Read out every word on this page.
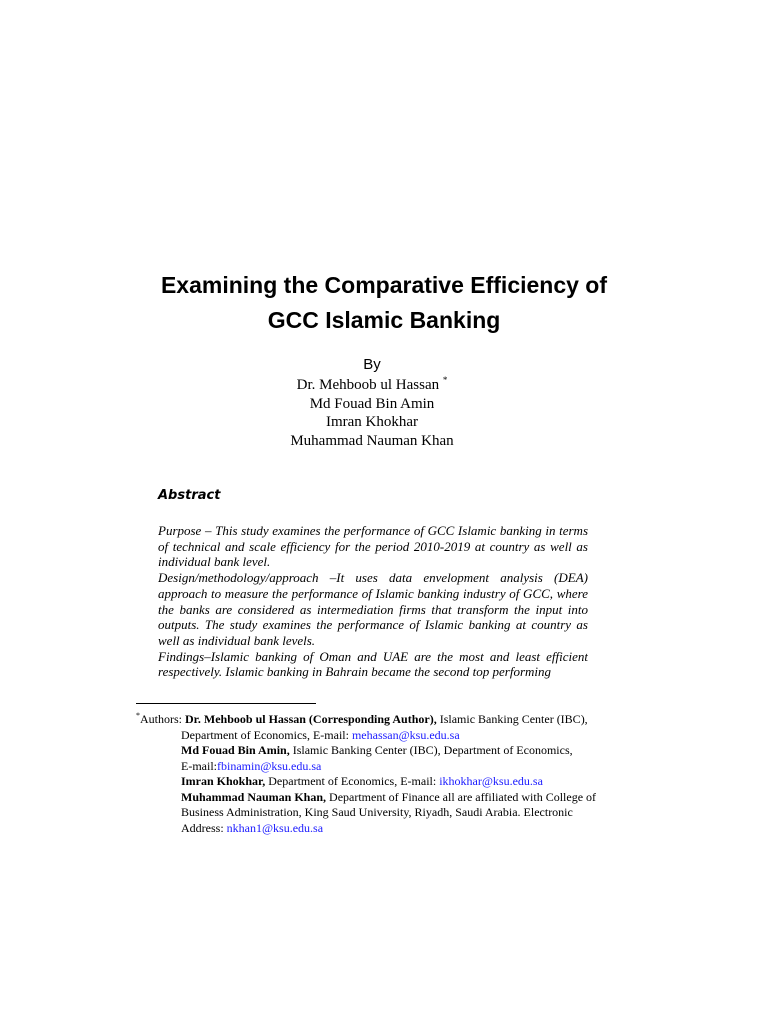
Examining the Comparative Efficiency of
GCC Islamic Banking
By
Dr. Mehboob ul Hassan *
Md Fouad Bin Amin
Imran Khokhar
Muhammad Nauman Khan
Abstract

Purpose – This study examines the performance of GCC Islamic banking in terms of technical and scale efficiency for the period 2010-2019 at country as well as individual bank level.

Design/methodology/approach –It uses data envelopment analysis (DEA) approach to measure the performance of Islamic banking industry of GCC, where the banks are considered as intermediation firms that transform the input into outputs. The study examines the performance of Islamic banking at country as well as individual bank levels.

Findings–Islamic banking of Oman and UAE are the most and least efficient respectively. Islamic banking in Bahrain became the second top performing

*Authors: Dr. Mehboob ul Hassan (Corresponding Author), Islamic Banking Center (IBC),
Department of Economics, E-mail: mehassan@ksu.edu.sa
Md Fouad Bin Amin, Islamic Banking Center (IBC), Department of Economics,
E-mail:fbinamin@ksu.edu.sa
Imran Khokhar, Department of Economics, E-mail: ikhokhar@ksu.edu.sa
Muhammad Nauman Khan, Department of Finance all are affiliated with College of Business Administration, King Saud University, Riyadh, Saudi Arabia. Electronic Address: nkhan1@ksu.edu.sa
